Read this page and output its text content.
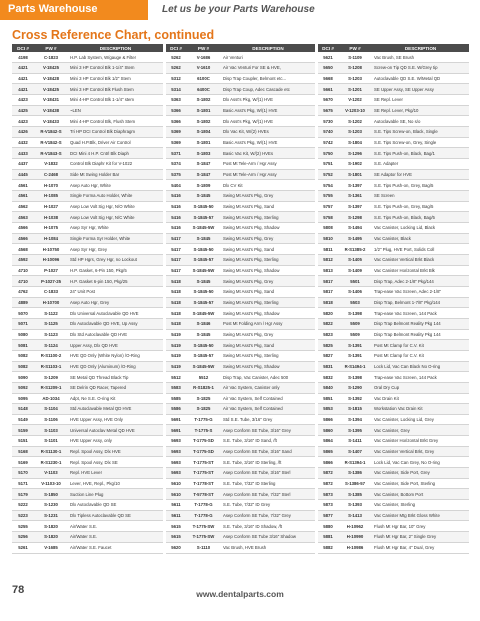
Parts Warehouse	Let us be your Parts Warehouse
Cross Reference Chart, continued
DCI #	PW #	DESCRIPTION
4198	C-1823	H.P. Lab System, W/gauge & Filter
4421	V-18425	Mini 3 HP Control Blk 1-1/4" Stem
4421	V-18428	Mini 3 HP Control Blk 1/2" Stem
4421	V-18425	Mini 3 HP Control Blk Flush Stem
4423	V-18431	Mini 4-HP Control Blk 1-1/4" stem
4425	V-18438	~LEN
4423	V-18433	Mini 4-HP Control Blk, Flush Stem
4426	R-V1842-S	Tri HP DCI Control Blk Diaphragm
4432	R-V1842-S	Quad H.P.Blk, Driver Air Control
4433	R-V1843-S	DCI Mini 4 H.P. Cntrl Blk Diaph
4437	V-1832	Control Blk Diaphr Kit for V-1022
4445	C-2468	Side Mt Swing Holder Bar
4561	H-1070	Asep Auto Hgr, White
4561	H-1085	Single Forma Auto Holder, White
4562	H-1027	Asep Low Volt Sig Hgr, N/O White
4563	H-1038	Asep Low Volt Sig Hgr, N/C White
4566	H-1075	Asep Syr Hgr, White
4566	H-1084	Single Forma Syr Holder, White
4568	H-10750	Asep Syr Hgr, Grey
4592	H-10096	Std HP Hgrs, Grey Hgr, no Lockout
4710	P-1027	H.P. Gasket, 6-Pin 150, Pkg/5
4710	P-1027-25	H.P. Gasket 6-pin 150, Pkg/25
4762	C-1833	24" Unit Post
4889	H-10700	Asep Auto Hgr, Grey
5070	S-1122	Dlx Universal Autoclavable QD HVE
5071	S-1125	Dlx Autoclavable QD HVE, Up Assy
5080	S-1123	Dlx Std Autoclavable QD HVE
5081	S-1124	Upper Assy, Dlx QD HVE
5082	R-S1100-2	HVE QD Only (White Nylon) /O-Ring
5082	R-S1103-1	HVE QD Only (Aluminum) /O-Ring
5090	S-1209	SE Metal QD Thread Black Tip
5092	R-S1209-1	SE Delrin QD Racer, Tapered
5095	AD-1034	Adpt, Ne S.E. O-ring Kit
5148	S-1104	Std Autoclavable Metal QD HVE
5149	S-1106	HVE Upper Assy, HVE Only
5159	S-1103	Universal Autoclav Metal QD HVE
5151	S-1101	HVE Upper Assy, only
5168	R-S1130-1	Repl. Spool Assy, Dlx HVE
5169	R-S1230-1	Repl. Spool Assy, Dlx SE
5170	V-1103	Repl. HVE Lever
5171	V-1103-10	Lever, HVE, Repl., Pkg/10
5179	S-1850	Suction Line Plug
5222	S-1230	Dlx Autoclavable QD SE
5223	S-1231	Dlx Tipless Autoclavable QD SE
5255	S-1820	Air/Water S.E.
5256	S-1820	Air/Water S.E.
5261	V-1685	Air/Water S.E. Faucet
DCI #	PW #	DESCRIPTION
5262	V-1686	Air Venturi
5262	V-1610	Air Vac Venturi For SE & HVE,
5312	6100C	Disp Trap Coupler, Belmont etc...
5314	6400C	Disp Trap Coup, Adec Cascade etc
5363	S-1802	Dlx Asst's Pkg, W/(1) HVE
5366	S-1801	Basic Asst's Pkg, W/(1) HVE
5366	S-1802	Dlx Asst's Pkg, W/(1) HVE
5369	S-1804	Dlx Vac Kit, W/(2) HVEs
5369	S-1801	Basic Asst's Pkg, W/(1) HVE
5371	S-1803	Basic Vac Kit, W/(2) HVEs
5374	S-1847	Post Mt Tele-Arm / Hgr Assy
5375	S-1847	Post Mt Tele-Arm / Hgr Assy
5404	S-1809	Dlx CV Kit
5416	S-1845	Swing Mt Asst's Pkg, Grey
5416	S-1845-50	Swing Mt Asst's Pkg, Sand
5416	S-1845-57	Swing Mt Asst's Pkg, Sterling
5416	S-1845-5W	Swing Mt Asst's Pkg, Shadow
5417	S-1845	Swing Mt Asst's Pkg, Grey
5417	S-1845-50	Swing Mt Asst's Pkg, Sand
5417	S-1845-57	Swing Mt Asst's Pkg, Sterling
5417	S-1845-5W	Swing Mt Asst's Pkg, Shadow
5418	S-1845	Swing Mt Asst's Pkg, Grey
5418	S-1845-50	Swing Mt Asst's Pkg, Sand
5418	S-1845-57	Swing Mt Asst's Pkg, Sterling
5418	S-1845-5W	Swing Mt Asst's Pkg, Shadow
5418	S-1846	Post Mt Folding Arm / Hgr Assy
5419	S-1845	Swing Mt Asst's Pkg, Grey
5419	S-1845-50	Swing Mt Asst's Pkg, Sand
5419	S-1845-57	Swing Mt Asst's Pkg, Sterling
5419	S-1845-5W	Swing Mt Asst's Pkg, Shadow
5512	5512	Disp Trap, Vac Canister, Adec 500
5583	R-S1825-1	Air Vac System, Canister only
5585	S-1825	Air Vac System, Self Contained
5586	S-1825	Air Vac System, Self Contained
5691	T-1775-G	Std S.E. Tube, 3/16" Grey
5691	T-1775-S	Asep Conform SE Tube, 3/16" Grey
5693	T-1775-SD	S.E. Tube, 3/16" ID Sand, /ft
5693	T-1775-SD	Asep Conform SE Tube, 3/16" Sand
5693	T-1775-ST	S.E. Tube, 3/16" ID Sterling, /ft
5693	T-1775-ST	Asep Conform SE Tube, 3/16" Sterl
5610	T-1778-ST	S.E. Tube, 7/32" ID Sterling
5610	T-5778-ST	Asep Conform SE Tube, 7/32" Sterl
5611	T-1778-G	S.E. Tube, 7/32" ID Grey
5611	T-1778-G	Asep Conform SE Tube, 7/32" Grey
5615	T-1775-SW	S.E. Tube, 3/16" ID Shadow, /ft
5615	T-1775-SW	Asep Conform SE Tube 3/16" Shadow
5620	S-1110	Vac Brush, HVE Brush
DCI #	PW #	DESCRIPTION
5621	S-1109	Vac Brush, SE Brush
5650	S-1208	Screw-on Tip QD S.E. W/Grey tip
5668	S-1203	Autoclavable QD S.E. W/Metal QD
5661	S-1201	SE Upper Assy, SE Upper Assy
5670	V-1202	SE Repl. Lever
5675	V-1203-10	SE Repl. Lever, Pkg/10
5730	S-1202	Autoclavable SE, No s/o
5740	S-1203	S.E. Tips Screw-on, Black, Single
5742	S-1804	S.E. Tips Screw-on, Grey, Single
5750	S-1296	S.E. Tips Push-on, Black, Bag/1
5751	S-1902	S.E. Adapter
5752	S-1801	SE Adaptor for HVE
5754	S-1397	S.E. Tips Push-on, Grey, Bag/5
5755	S-1361	SE Screen
5757	S-1397	S.E. Tips Push-on, Grey, Bag/5
5758	S-1298	S.E. Tips Push-on, Black, Bag/5
5808	S-1494	Vac Canister, Locking Lid, Black
5810	S-1495	Vac Canister, Black
5811	R-S1385-2	1/2" Plug, HVE Port, Solids Coll
5812	S-1405	Vac Canister Vertical Brkt Black
5813	S-1409	Vac Canister Horizontal Brkt Blk
5817	5501	Disp Trap, Adec 2-1/8" Pkg/144
5817	S-1406	Trap-ease Vac Screen, Adec 2-1/8"
5818	5503	Disp Trap, Belmont 1-7/8" Pkg/144
5820	S-1398	Trap-ease Vac Screen, 144 Pack
5822	5509	Disp Trap Belmont Reality Pkg 144
5823	5509	Disp Trap Belmont Reality Pkg 144
5825	S-1391	Post Mt Clamp for C.V. Kit
5827	S-1391	Post Mt Clamp for C.V. Kit
5831	R-S1494-1	Lock Lid, Vac Can Black No O-ring
5832	S-1398	Trap-ease Vac Screen, 144 Pack
5840	S-1290	Oral Dry Cup
5851	S-1392	Vac Drain Kit
5853	S-1815	Workstation Vac Drain Kit
5866	S-1394	Vac Canister, Locking Lid, Grey
5860	S-1395	Vac Canister, Grey
5864	S-1411	Vac Canister Horizontal Brkt Grey
5865	S-1407	Vac Canister Vertical Brkt, Grey
5866	R-S1394-1	Lock Lid, Vac Can Grey, No O-ring
5872	S-1386	Vac Canister, Side Port, Grey
5872	S-1386-57	Vac Canister, Side Port, Sterling
5873	S-1385	Vac Canister, Bottom Port
5873	S-1393	Vac Canister, Sterling
5877	S-1413	Vac Canister Mtg Brkt Gloss White
5880	H-10962	Flush Mt Hgr Bar, 10" Grey
5881	H-10990	Flush Mt Hgr Bar, 2" Single Grey
5882	H-10986	Flush Mt Hgr Bar, 4" Dual, Grey
78	www.dentalparts.com
